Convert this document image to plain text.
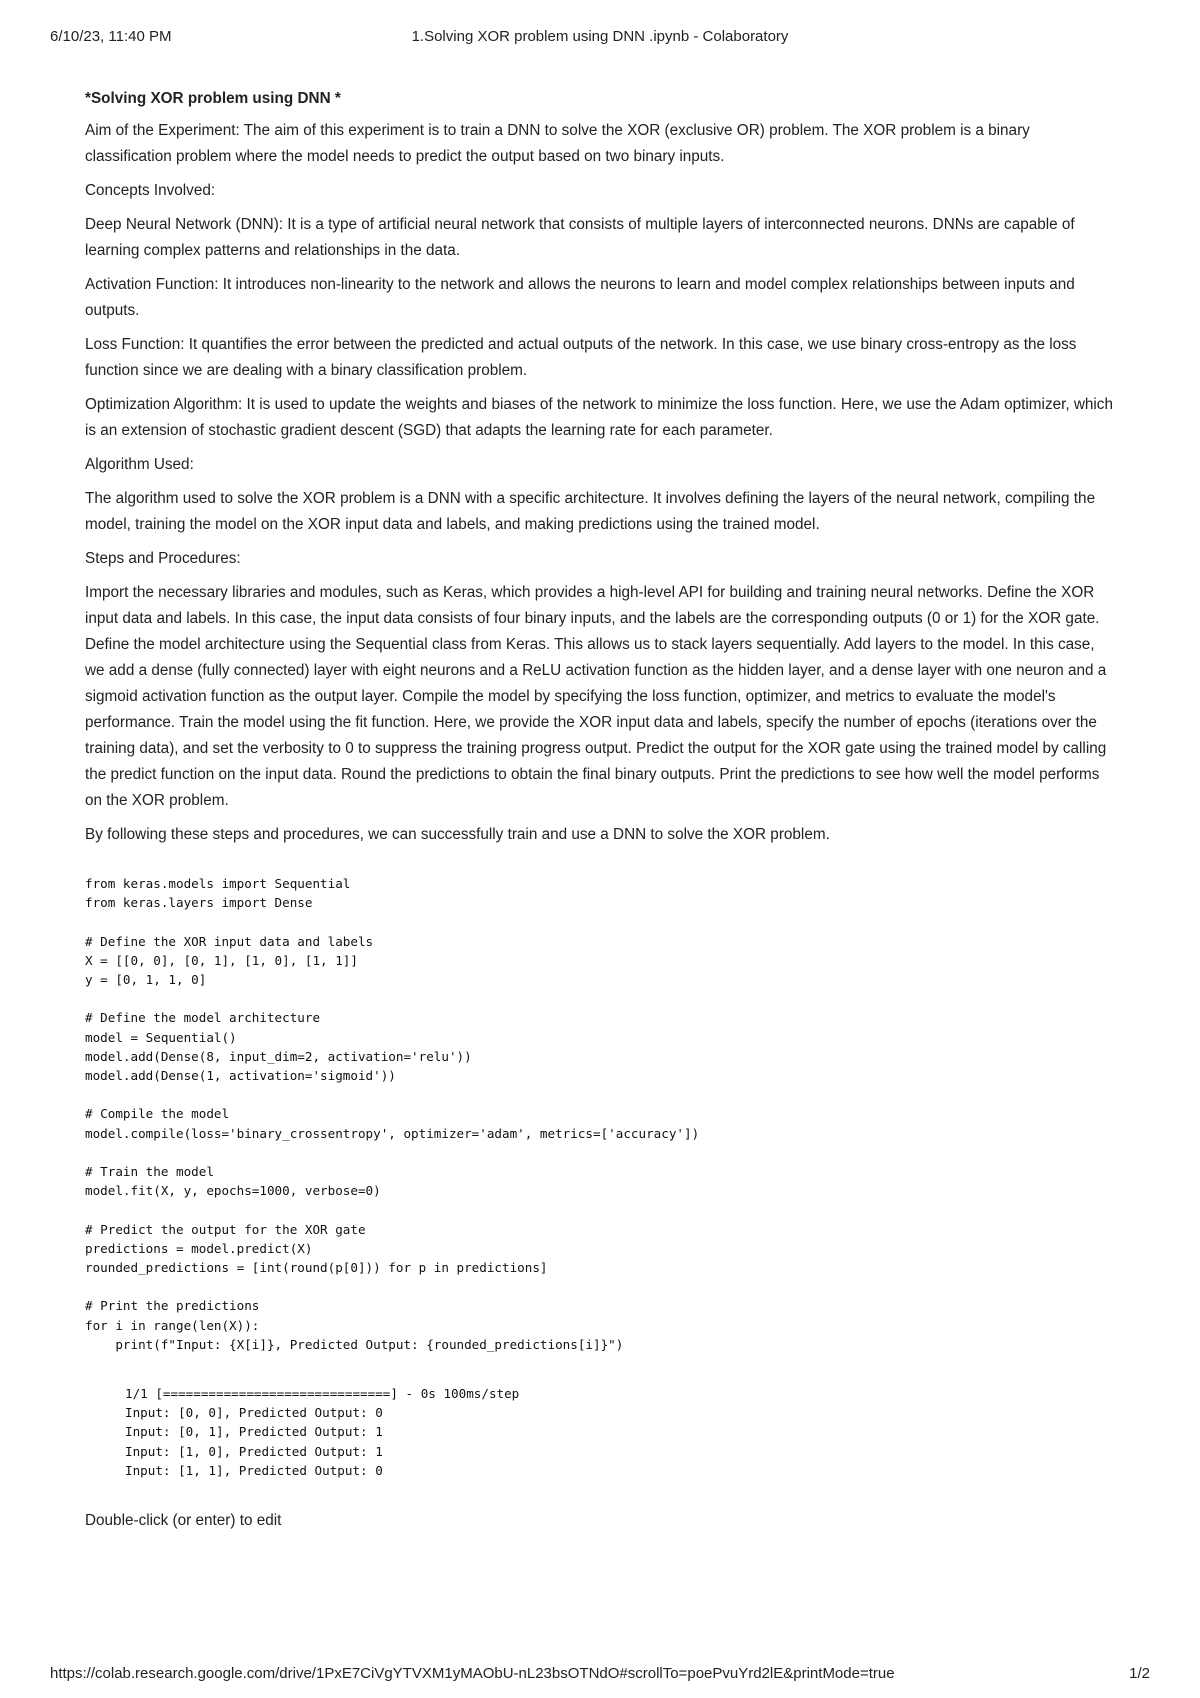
6/10/23, 11:40 PM	1.Solving XOR problem using DNN .ipynb - Colaboratory

*Solving XOR problem using DNN *

Aim of the Experiment: The aim of this experiment is to train a DNN to solve the XOR (exclusive OR) problem. The XOR problem is a binary classification problem where the model needs to predict the output based on two binary inputs.

Concepts Involved:

Deep Neural Network (DNN): It is a type of artificial neural network that consists of multiple layers of interconnected neurons. DNNs are capable of learning complex patterns and relationships in the data.

Activation Function: It introduces non-linearity to the network and allows the neurons to learn and model complex relationships between inputs and outputs.

Loss Function: It quantifies the error between the predicted and actual outputs of the network. In this case, we use binary cross-entropy as the loss function since we are dealing with a binary classification problem.

Optimization Algorithm: It is used to update the weights and biases of the network to minimize the loss function. Here, we use the Adam optimizer, which is an extension of stochastic gradient descent (SGD) that adapts the learning rate for each parameter.

Algorithm Used:

The algorithm used to solve the XOR problem is a DNN with a specific architecture. It involves defining the layers of the neural network, compiling the model, training the model on the XOR input data and labels, and making predictions using the trained model.

Steps and Procedures:

Import the necessary libraries and modules, such as Keras, which provides a high-level API for building and training neural networks. Define the XOR input data and labels. In this case, the input data consists of four binary inputs, and the labels are the corresponding outputs (0 or 1) for the XOR gate. Define the model architecture using the Sequential class from Keras. This allows us to stack layers sequentially. Add layers to the model. In this case, we add a dense (fully connected) layer with eight neurons and a ReLU activation function as the hidden layer, and a dense layer with one neuron and a sigmoid activation function as the output layer. Compile the model by specifying the loss function, optimizer, and metrics to evaluate the model's performance. Train the model using the fit function. Here, we provide the XOR input data and labels, specify the number of epochs (iterations over the training data), and set the verbosity to 0 to suppress the training progress output. Predict the output for the XOR gate using the trained model by calling the predict function on the input data. Round the predictions to obtain the final binary outputs. Print the predictions to see how well the model performs on the XOR problem.

By following these steps and procedures, we can successfully train and use a DNN to solve the XOR problem.

from keras.models import Sequential
from keras.layers import Dense

# Define the XOR input data and labels
X = [[0, 0], [0, 1], [1, 0], [1, 1]]
y = [0, 1, 1, 0]

# Define the model architecture
model = Sequential()
model.add(Dense(8, input_dim=2, activation='relu'))
model.add(Dense(1, activation='sigmoid'))

# Compile the model
model.compile(loss='binary_crossentropy', optimizer='adam', metrics=['accuracy'])

# Train the model
model.fit(X, y, epochs=1000, verbose=0)

# Predict the output for the XOR gate
predictions = model.predict(X)
rounded_predictions = [int(round(p[0])) for p in predictions]

# Print the predictions
for i in range(len(X)):
print(f"Input: {X[i]}, Predicted Output: {rounded_predictions[i]}")
1/1 [==============================] - 0s 100ms/step
Input: [0, 0], Predicted Output: 0
Input: [0, 1], Predicted Output: 1
Input: [1, 0], Predicted Output: 1
Input: [1, 1], Predicted Output: 0
Double-click (or enter) to edit
https://colab.research.google.com/drive/1PxE7CiVgYTVXM1yMAObU-nL23bsOTNdO#scrollTo=poePvuYrd2lE&printMode=true	1/2
